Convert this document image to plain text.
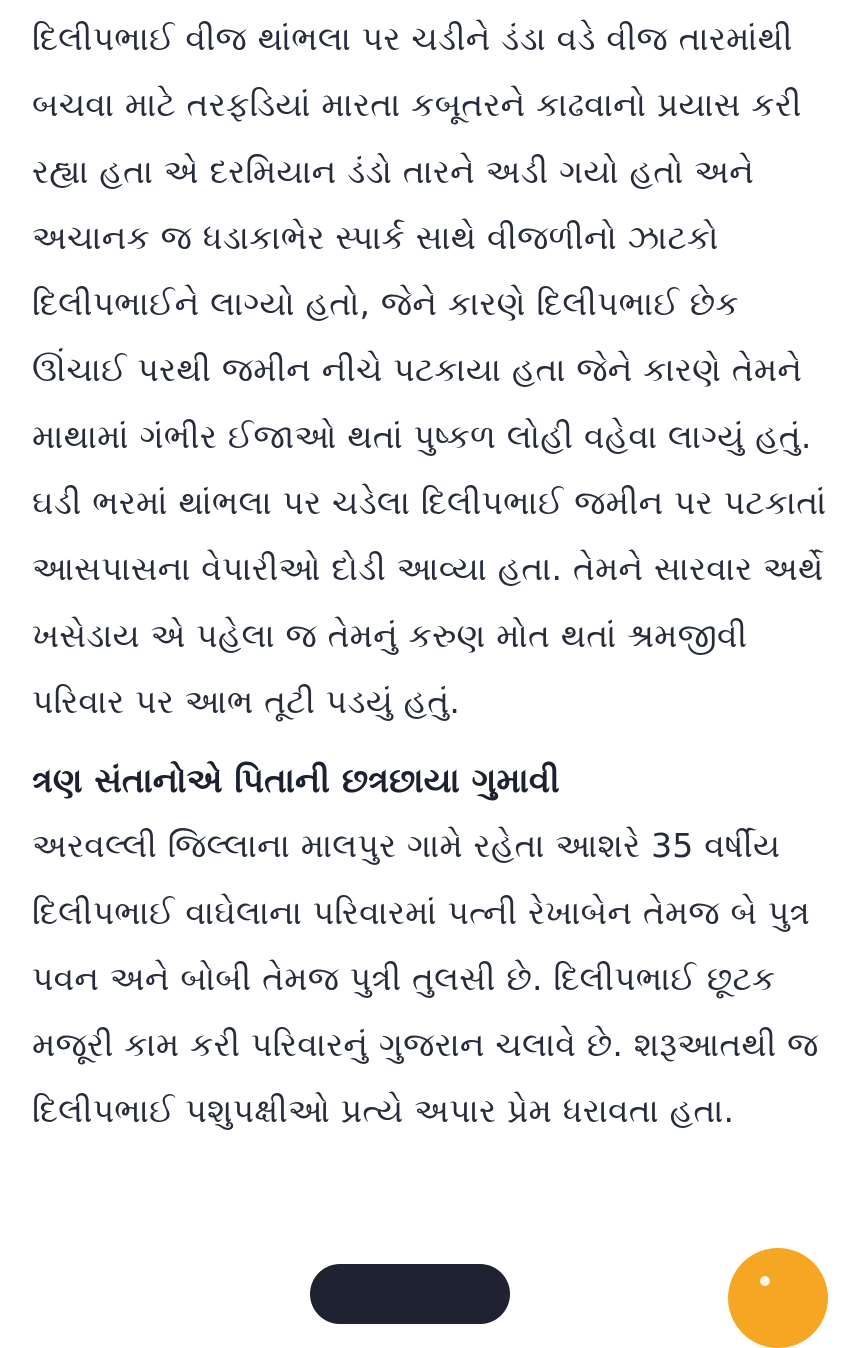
દિલીપભાઈ વીજ થાંભલા પર ચડીને ડંડા વડે વીજ તારમાંથી બચવા માટે તરફડિયાં મારતા કબૂતરને કાઢવાનો પ્રયાસ કરી રહ્યા હતા એ દરમિયાન ડંડો તારને અડી ગયો હતો અને અચાનક જ ધડાકાભેર સ્પાર્ક સાથે વીજળીનો ઝાટકો દિલીપભાઈને લાગ્યો હતો, જેને કારણે દિલીપભાઈ છેક ઊંચાઈ પરથી જમીન નીચે પટકાયા હતા જેને કારણે તેમને માથામાં ગંભીર ઈજાઓ થતાં પુષ્કળ લોહી વહેવા લાગ્યું હતું. ઘડી ભરમાં થાંભલા પર ચડેલા દિલીપભાઈ જમીન પર પટકાતાં આસપાસના વેપારીઓ દોડી આવ્યા હતા. તેમને સારવાર અર્થે ખસેડાય એ પહેલા જ તેમનું કરુણ મોત થતાં શ્રમજીવી પરિવાર પર આભ તૂટી પડયું હતું.

ત્રણ સંતાનોએ પિતાની છત્રછાયા ગુમાવી

અરવલ્લી જિલ્લાના માલપુર ગામે રહેતા આશરે 35 વર્ષીય દિલીપભાઈ વાઘેલાના પરિવારમાં પત્ની રેખાબેન તેમજ બે પુત્ર પવન અને બોબી તેમજ પુત્રી તુલસી છે. દિલીપભાઈ છૂટક મજૂરી કામ કરી પરિવારનું ગુજરાન ચલાવે છે. શરૂઆતથી જ દિલીપભાઈ પશુપક્ષીઓ પ્રત્યે અપાર પ્રેમ ધરાવતા હતા.
